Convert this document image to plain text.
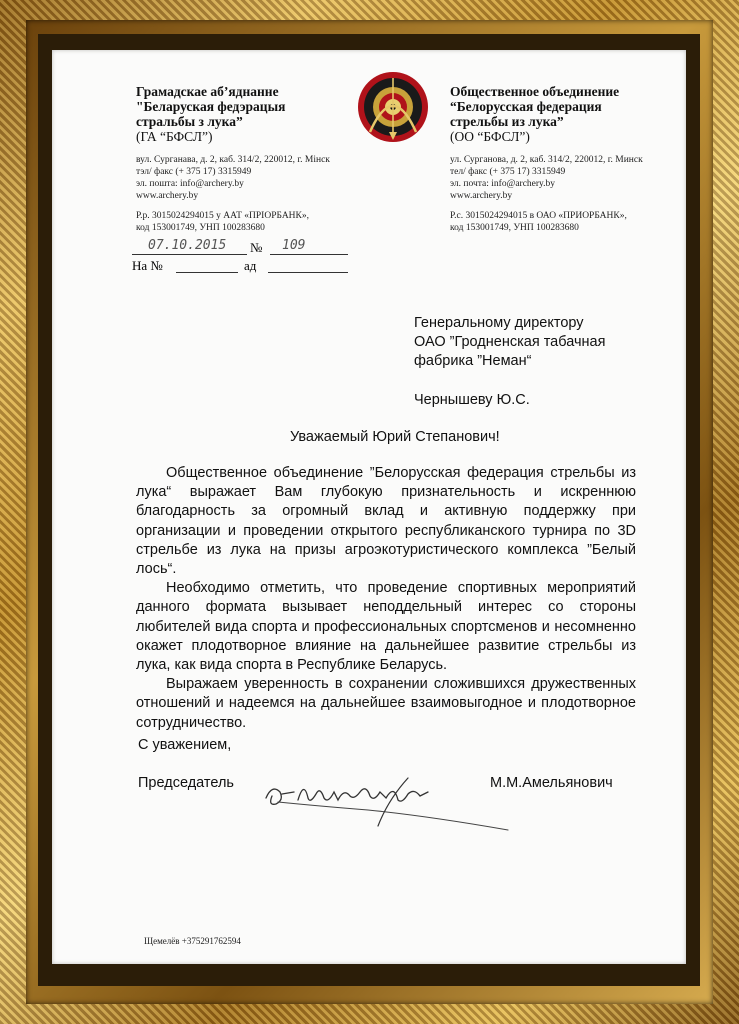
Грамадскае аб’яднанне
"Беларуская федэрацыя
стральбы з лука”
(ГА “БФСЛ”)
вул. Сурганава, д. 2, каб. 314/2, 220012, г. Мінск
тэл/ факс (+ 375 17) 3315949
эл. пошта: info@archery.by
www.archery.by
Р.р. 3015024294015 у ААТ «ПРІОРБАНК»,
код 153001749, УНП 100283680
Общественное объединение
“Белорусская федерация
стрельбы из лука”
(ОО “БФСЛ”)
ул. Сурганова, д. 2, каб. 314/2, 220012, г. Минск
тел/ факс (+ 375 17) 3315949
эл. почта: info@archery.by
www.archery.by
Р.с. 3015024294015 в ОАО «ПРИОРБАНК»,
код 153001749, УНП 100283680
07.10.2015 № 109
На №	ад
Генеральному директору
ОАО ”Гродненская табачная
фабрика ”Неман“
Чернышеву Ю.С.
Уважаемый Юрий Степанович!

Общественное объединение ”Белорусская федерация стрельбы из лука“ выражает Вам глубокую признательность и искреннюю благодарность за огромный вклад и активную поддержку при организации и проведении открытого республиканского турнира по 3D стрельбе из лука на призы агроэкотуристического комплекса ”Белый лось“.

Необходимо отметить, что проведение спортивных мероприятий данного формата вызывает неподдельный интерес со стороны любителей вида спорта и профессиональных спортсменов и несомненно окажет плодотворное влияние на дальнейшее развитие стрельбы из лука, как вида спорта в Республике Беларусь.

Выражаем уверенность в сохранении сложившихся дружественных отношений и надеемся на дальнейшее взаимовыгодное и плодотворное сотрудничество.

С уважением,
Председатель	М.М.Амельянович
Щемелёв +375291762594
